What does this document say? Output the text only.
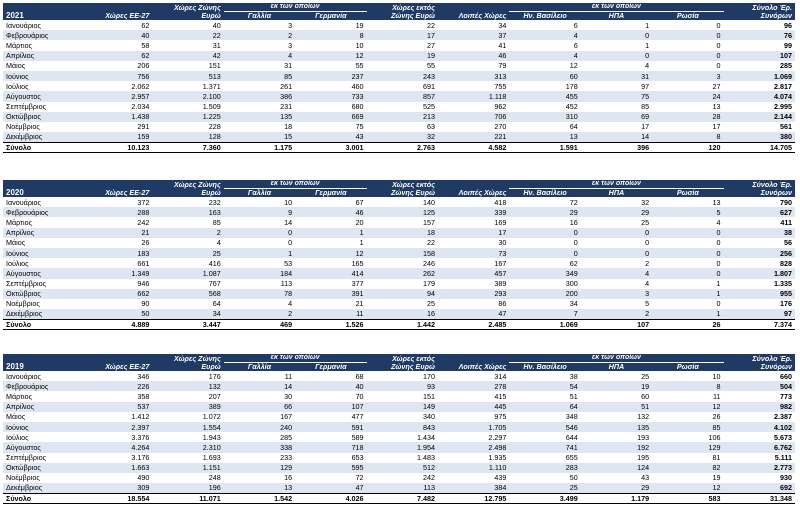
2021	Χώρες ΕΕ-27	Χώρες Ζώνης Ευρώ	εκ των οποίων		Χώρες εκτός Ζώνης Ευρώ	Λοιπές Χώρες	εκ των οποίων			Σύνολο Έρ. Συνόρων
			Γαλλία	Γερμανία			Ην. Βασίλειο	ΗΠΑ	Ρωσία	
Ιανουάριος	62	40	3	19	22	34	6	1	0	96
Φεβρουάριος	40	22	2	8	17	37	4	0	0	76
Μάρτιος	58	31	3	10	27	41	6	1	0	99
Απρίλιος	62	42	4	12	19	46	4	0	0	107
Μάιος	206	151	31	55	55	79	12	4	0	285
Ιούνιος	756	513	85	237	243	313	60	31	3	1.069
Ιούλιος	2.062	1.371	261	460	691	755	178	97	27	2.817
Αύγουστος	2.957	2.100	386	733	857	1.118	455	75	24	4.074
Σεπτέμβριος	2.034	1.509	231	680	525	962	452	85	13	2.995
Οκτώβριος	1.438	1.225	135	669	213	706	310	69	28	2.144
Νοέμβριος	291	228	18	75	63	270	64	17	17	561
Δεκέμβριος	159	128	15	43	32	221	13	14	8	380
Σύνολο	10.123	7.360	1.175	3.001	2.763	4.582	1.591	396	120	14.705
2020	Χώρες ΕΕ-27	Χώρες Ζώνης Ευρώ	εκ των οποίων		Χώρες εκτός Ζώνης Ευρώ	Λοιπές Χώρες	εκ των οποίων			Σύνολο Έρ. Συνόρων
			Γαλλία	Γερμανία			Ην. Βασίλειο	ΗΠΑ	Ρωσία	
Ιανουάριος	372	232	10	67	140	418	72	32	13	790
Φεβρουάριος	288	163	9	46	125	339	29	29	5	627
Μάρτιος	242	85	14	20	157	169	16	25	4	411
Απρίλιος	21	2	0	1	18	17	0	0	0	38
Μάιος	26	4	0	1	22	30	0	0	0	56
Ιούνιος	183	25	1	12	158	73	0	0	0	256
Ιούλιος	661	416	53	165	246	167	62	2	0	828
Αύγουστος	1.349	1.087	184	414	262	457	349	4	0	1.807
Σεπτέμβριος	946	767	113	377	179	389	300	4	1	1.335
Οκτώβριος	662	568	78	391	94	293	200	3	1	955
Νοέμβριος	90	64	4	21	25	86	34	5	0	176
Δεκέμβριος	50	34	2	11	16	47	7	2	1	97
Σύνολο	4.889	3.447	469	1.526	1.442	2.485	1.069	107	26	7.374
2019	Χώρες ΕΕ-27	Χώρες Ζώνης Ευρώ	εκ των οποίων		Χώρες εκτός Ζώνης Ευρώ	Λοιπές Χώρες	εκ των οποίων			Σύνολο Έρ. Συνόρων
			Γαλλία	Γερμανία			Ην. Βασίλειο	ΗΠΑ	Ρωσία	
Ιανουάριος	346	176	11	68	170	314	38	25	10	660
Φεβρουάριος	226	132	14	40	93	278	54	19	8	504
Μάρτιος	358	207	30	70	151	415	51	60	11	773
Απρίλιος	537	389	66	107	149	445	64	51	12	982
Μάιος	1.412	1.072	167	477	340	975	348	132	26	2.387
Ιούνιος	2.397	1.554	240	591	843	1.705	546	135	85	4.102
Ιούλιος	3.376	1.943	285	589	1.434	2.297	644	193	106	5.673
Αύγουστος	4.264	2.310	338	718	1.954	2.498	741	192	129	6.762
Σεπτέμβριος	3.176	1.693	233	653	1.483	1.935	655	195	81	5.111
Οκτώβριος	1.663	1.151	129	595	512	1.110	283	124	82	2.773
Νοέμβριος	490	248	16	72	242	439	50	43	19	930
Δεκέμβριος	309	196	13	47	113	384	25	29	12	692
Σύνολο	18.554	11.071	1.542	4.026	7.482	12.795	3.499	1.179	583	31.348
